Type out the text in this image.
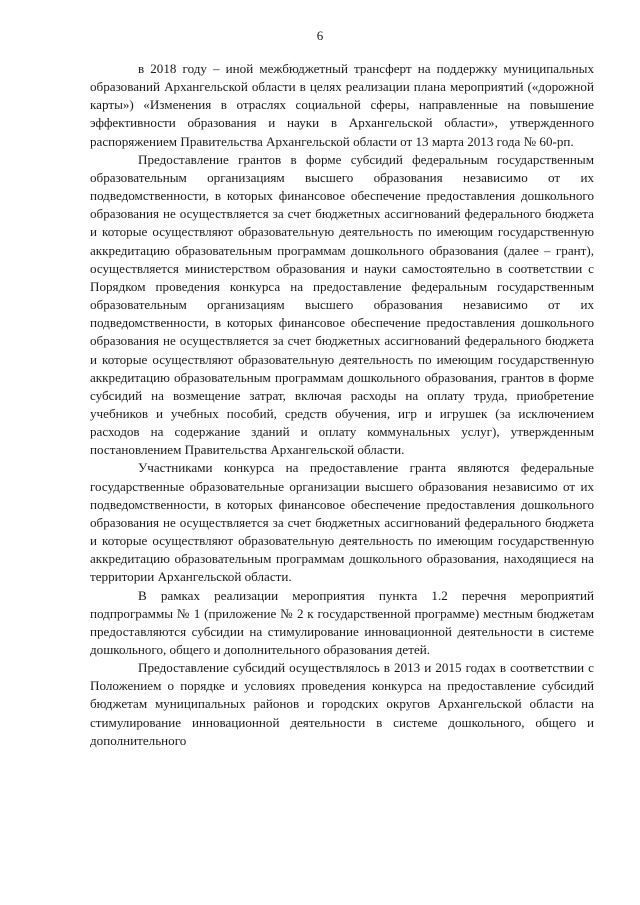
6

в 2018 году – иной межбюджетный трансферт на поддержку муниципальных образований Архангельской области в целях реализации плана мероприятий («дорожной карты») «Изменения в отраслях социальной сферы, направленные на повышение эффективности образования и науки в Архангельской области», утвержденного распоряжением Правительства Архангельской области от 13 марта 2013 года № 60-рп.

Предоставление грантов в форме субсидий федеральным государственным образовательным организациям высшего образования независимо от их подведомственности, в которых финансовое обеспечение предоставления дошкольного образования не осуществляется за счет бюджетных ассигнований федерального бюджета и которые осуществляют образовательную деятельность по имеющим государственную аккредитацию образовательным программам дошкольного образования (далее – грант), осуществляется министерством образования и науки самостоятельно в соответствии с Порядком проведения конкурса на предоставление федеральным государственным образовательным организациям высшего образования независимо от их подведомственности, в которых финансовое обеспечение предоставления дошкольного образования не осуществляется за счет бюджетных ассигнований федерального бюджета и которые осуществляют образовательную деятельность по имеющим государственную аккредитацию образовательным программам дошкольного образования, грантов в форме субсидий на возмещение затрат, включая расходы на оплату труда, приобретение учебников и учебных пособий, средств обучения, игр и игрушек (за исключением расходов на содержание зданий и оплату коммунальных услуг), утвержденным постановлением Правительства Архангельской области.

Участниками конкурса на предоставление гранта являются федеральные государственные образовательные организации высшего образования независимо от их подведомственности, в которых финансовое обеспечение предоставления дошкольного образования не осуществляется за счет бюджетных ассигнований федерального бюджета и которые осуществляют образовательную деятельность по имеющим государственную аккредитацию образовательным программам дошкольного образования, находящиеся на территории Архангельской области.

В рамках реализации мероприятия пункта 1.2 перечня мероприятий подпрограммы № 1 (приложение № 2 к государственной программе) местным бюджетам предоставляются субсидии на стимулирование инновационной деятельности в системе дошкольного, общего и дополнительного образования детей.

Предоставление субсидий осуществлялось в 2013 и 2015 годах в соответствии с Положением о порядке и условиях проведения конкурса на предоставление субсидий бюджетам муниципальных районов и городских округов Архангельской области на стимулирование инновационной деятельности в системе дошкольного, общего и дополнительного
